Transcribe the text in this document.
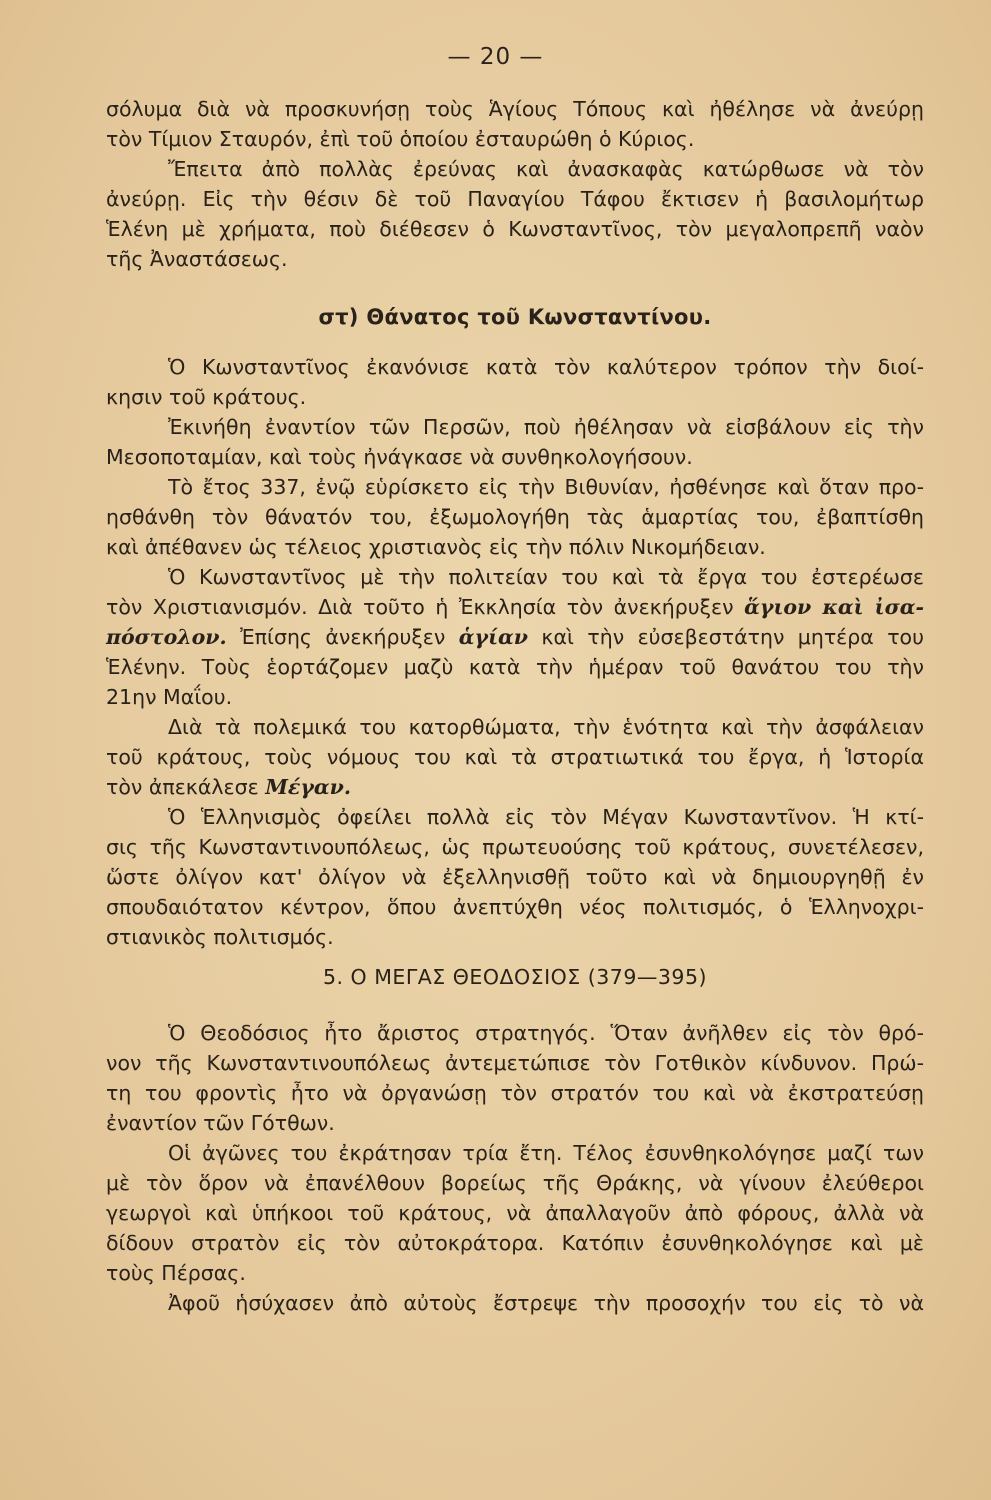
— 20 —
σόλυμα διὰ νὰ προσκυνήσῃ τοὺς Ἁγίους Τόπους καὶ ἠθέλησε νὰ ἀνεύρῃ
τὸν Τίμιον Σταυρόν, ἐπὶ τοῦ ὁποίου ἐσταυρώθη ὁ Κύριος.
Ἔπειτα ἀπὸ πολλὰς ἐρεύνας καὶ ἀνασκαφὰς κατώρθωσε νὰ τὸν
ἀνεύρῃ. Εἰς τὴν θέσιν δὲ τοῦ Παναγίου Τάφου ἔκτισεν ἡ βασιλομήτωρ
Ἑλένη μὲ χρήματα, ποὺ διέθεσεν ὁ Κωνσταντῖνος, τὸν μεγαλοπρεπῆ ναὸν
τῆς Ἀναστάσεως.
στ) Θάνατος τοῦ Κωνσταντίνου.
Ὁ Κωνσταντῖνος ἐκανόνισε κατὰ τὸν καλύτερον τρόπον τὴν διοί-
κησιν τοῦ κράτους.
Ἐκινήθη ἐναντίον τῶν Περσῶν, ποὺ ἠθέλησαν νὰ εἰσβάλουν εἰς τὴν
Μεσοποταμίαν, καὶ τοὺς ἠνάγκασε νὰ συνθηκολογήσουν.
Τὸ ἔτος 337, ἐνῷ εὑρίσκετο εἰς τὴν Βιθυνίαν, ἠσθένησε καὶ ὅταν προ-
ησθάνθη τὸν θάνατόν του, ἐξωμολογήθη τὰς ἁμαρτίας του, ἐβαπτίσθη
καὶ ἀπέθανεν ὡς τέλειος χριστιανὸς εἰς τὴν πόλιν Νικομήδειαν.
Ὁ Κωνσταντῖνος μὲ τὴν πολιτείαν του καὶ τὰ ἔργα του ἐστερέωσε
τὸν Χριστιανισμόν. Διὰ τοῦτο ἡ Ἐκκλησία τὸν ἀνεκήρυξεν ἅγιον καὶ ἰσα-
πόστολον. Ἐπίσης ἀνεκήρυξεν ἁγίαν καὶ τὴν εὐσεβεστάτην μητέρα του
Ἑλένην. Τοὺς ἑορτάζομεν μαζὺ κατὰ τὴν ἡμέραν τοῦ θανάτου του τὴν
21ην Μαΐου.
Διὰ τὰ πολεμικά του κατορθώματα, τὴν ἑνότητα καὶ τὴν ἀσφάλειαν
τοῦ κράτους, τοὺς νόμους του καὶ τὰ στρατιωτικά του ἔργα, ἡ Ἱστορία
τὸν ἀπεκάλεσε Μέγαν.
Ὁ Ἑλληνισμὸς ὀφείλει πολλὰ εἰς τὸν Μέγαν Κωνσταντῖνον. Ἡ κτί-
σις τῆς Κωνσταντινουπόλεως, ὡς πρωτευούσης τοῦ κράτους, συνετέλεσεν,
ὥστε ὀλίγον κατ' ὀλίγον νὰ ἐξελληνισθῇ τοῦτο καὶ νὰ δημιουργηθῇ ἐν
σπουδαιότατον κέντρον, ὅπου ἀνεπτύχθη νέος πολιτισμός, ὁ Ἑλληνοχρι-
στιανικὸς πολιτισμός.
5. Ο ΜΕΓΑΣ ΘΕΟΔΟΣΙΟΣ (379—395)
Ὁ Θεοδόσιος ἦτο ἄριστος στρατηγός. Ὅταν ἀνῆλθεν εἰς τὸν θρό-
νον τῆς Κωνσταντινουπόλεως ἀντεμετώπισε τὸν Γοτθικὸν κίνδυνον. Πρώ-
τη του φροντὶς ἦτο νὰ ὀργανώσῃ τὸν στρατόν του καὶ νὰ ἐκστρατεύσῃ
ἐναντίον τῶν Γότθων.
Οἱ ἀγῶνες του ἐκράτησαν τρία ἔτη. Τέλος ἐσυνθηκολόγησε μαζί των
μὲ τὸν ὅρον νὰ ἐπανέλθουν βορείως τῆς Θράκης, νὰ γίνουν ἐλεύθεροι
γεωργοὶ καὶ ὑπήκοοι τοῦ κράτους, νὰ ἀπαλλαγοῦν ἀπὸ φόρους, ἀλλὰ νὰ
δίδουν στρατὸν εἰς τὸν αὐτοκράτορα. Κατόπιν ἐσυνθηκολόγησε καὶ μὲ
τοὺς Πέρσας.
Ἀφοῦ ἡσύχασεν ἀπὸ αὐτοὺς ἔστρεψε τὴν προσοχήν του εἰς τὸ νὰ
